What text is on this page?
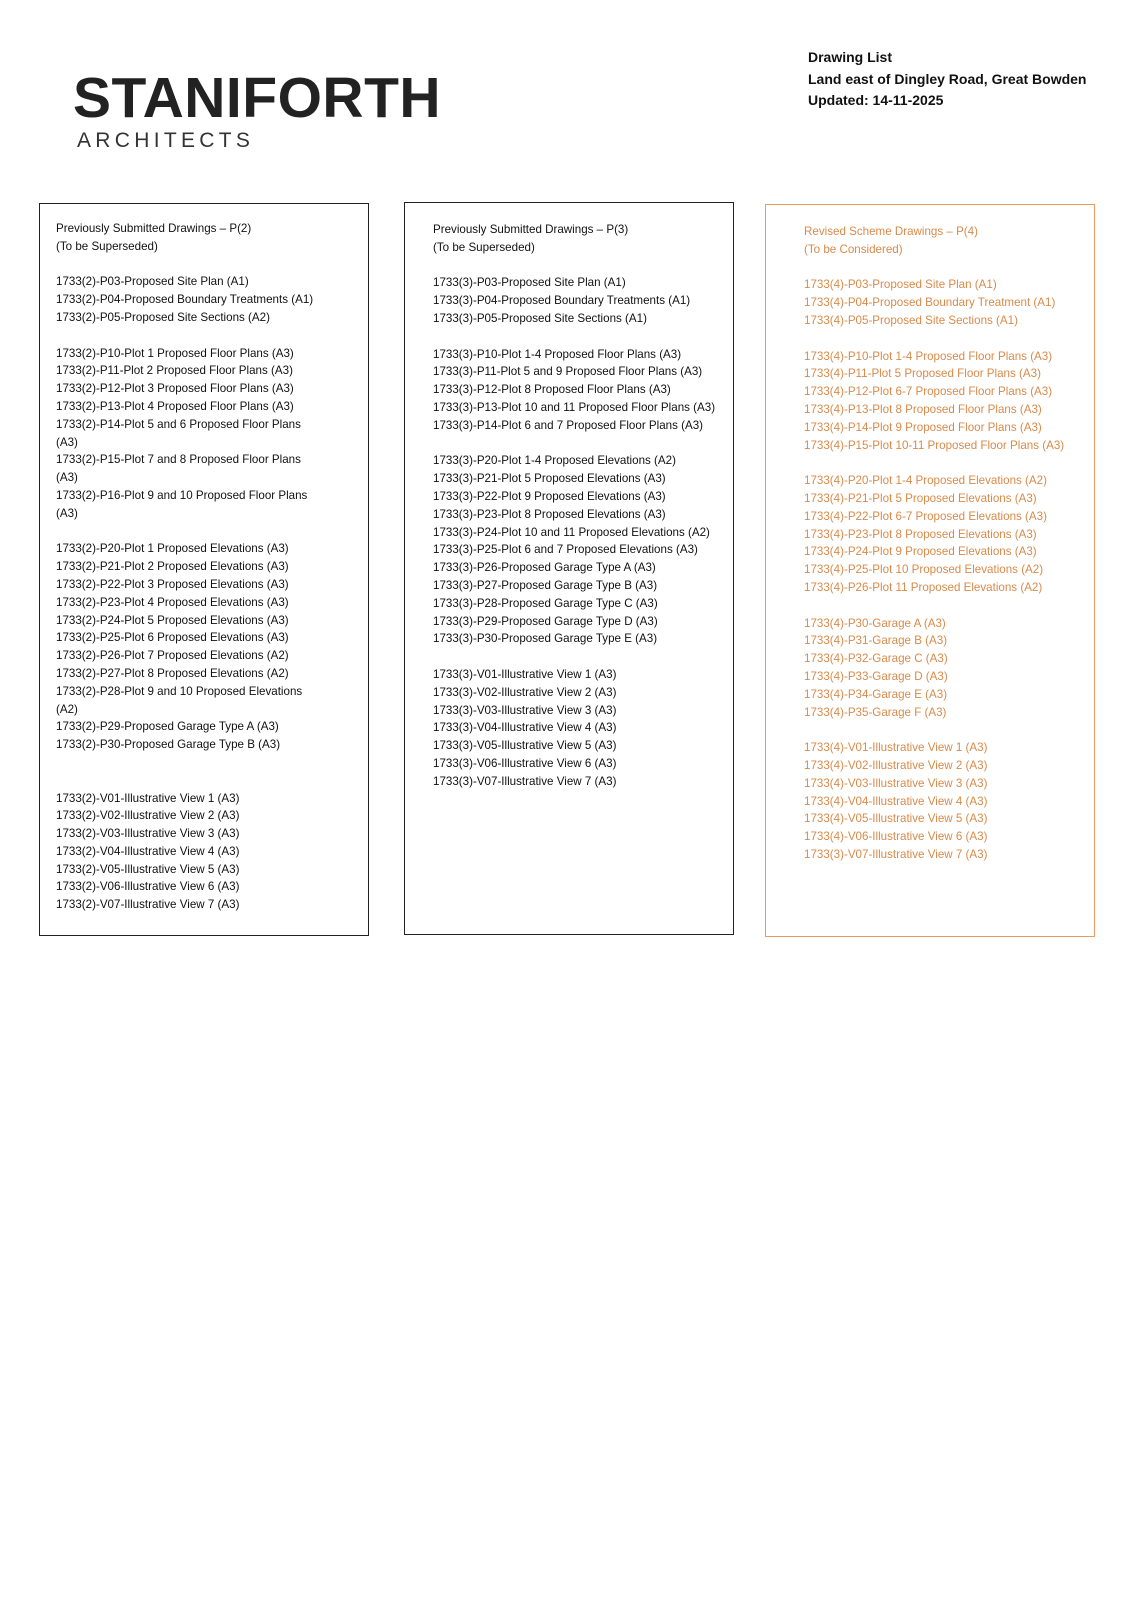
STANIFORTH
ARCHITECTS
Drawing List
Land east of Dingley Road, Great Bowden
Updated: 14-11-2025
Previously Submitted Drawings – P(2)
(To be Superseded)
1733(2)-P03-Proposed Site Plan (A1)
1733(2)-P04-Proposed Boundary Treatments (A1)
1733(2)-P05-Proposed Site Sections (A2)
1733(2)-P10-Plot 1 Proposed Floor Plans (A3)
1733(2)-P11-Plot 2 Proposed Floor Plans (A3)
1733(2)-P12-Plot 3 Proposed Floor Plans (A3)
1733(2)-P13-Plot 4 Proposed Floor Plans (A3)
1733(2)-P14-Plot 5 and 6 Proposed Floor Plans
(A3)
1733(2)-P15-Plot 7 and 8 Proposed Floor Plans
(A3)
1733(2)-P16-Plot 9 and 10 Proposed Floor Plans
(A3)
1733(2)-P20-Plot 1 Proposed Elevations (A3)
1733(2)-P21-Plot 2 Proposed Elevations (A3)
1733(2)-P22-Plot 3 Proposed Elevations (A3)
1733(2)-P23-Plot 4 Proposed Elevations (A3)
1733(2)-P24-Plot 5 Proposed Elevations (A3)
1733(2)-P25-Plot 6 Proposed Elevations (A3)
1733(2)-P26-Plot 7 Proposed Elevations (A2)
1733(2)-P27-Plot 8 Proposed Elevations (A2)
1733(2)-P28-Plot 9 and 10 Proposed Elevations
(A2)
1733(2)-P29-Proposed Garage Type A (A3)
1733(2)-P30-Proposed Garage Type B (A3)
1733(2)-V01-Illustrative View 1 (A3)
1733(2)-V02-Illustrative View 2 (A3)
1733(2)-V03-Illustrative View 3 (A3)
1733(2)-V04-Illustrative View 4 (A3)
1733(2)-V05-Illustrative View 5 (A3)
1733(2)-V06-Illustrative View 6 (A3)
1733(2)-V07-Illustrative View 7 (A3)
Previously Submitted Drawings – P(3)
(To be Superseded)
1733(3)-P03-Proposed Site Plan (A1)
1733(3)-P04-Proposed Boundary Treatments (A1)
1733(3)-P05-Proposed Site Sections (A1)
1733(3)-P10-Plot 1-4 Proposed Floor Plans (A3)
1733(3)-P11-Plot 5 and 9 Proposed Floor Plans (A3)
1733(3)-P12-Plot 8 Proposed Floor Plans (A3)
1733(3)-P13-Plot 10 and 11 Proposed Floor Plans (A3)
1733(3)-P14-Plot 6 and 7 Proposed Floor Plans (A3)
1733(3)-P20-Plot 1-4 Proposed Elevations (A2)
1733(3)-P21-Plot 5 Proposed Elevations (A3)
1733(3)-P22-Plot 9 Proposed Elevations (A3)
1733(3)-P23-Plot 8 Proposed Elevations (A3)
1733(3)-P24-Plot 10 and 11 Proposed Elevations (A2)
1733(3)-P25-Plot 6 and 7 Proposed Elevations (A3)
1733(3)-P26-Proposed Garage Type A (A3)
1733(3)-P27-Proposed Garage Type B (A3)
1733(3)-P28-Proposed Garage Type C (A3)
1733(3)-P29-Proposed Garage Type D (A3)
1733(3)-P30-Proposed Garage Type E (A3)
1733(3)-V01-Illustrative View 1 (A3)
1733(3)-V02-Illustrative View 2 (A3)
1733(3)-V03-Illustrative View 3 (A3)
1733(3)-V04-Illustrative View 4 (A3)
1733(3)-V05-Illustrative View 5 (A3)
1733(3)-V06-Illustrative View 6 (A3)
1733(3)-V07-Illustrative View 7 (A3)
Revised Scheme Drawings – P(4)
(To be Considered)
1733(4)-P03-Proposed Site Plan (A1)
1733(4)-P04-Proposed Boundary Treatment (A1)
1733(4)-P05-Proposed Site Sections (A1)
1733(4)-P10-Plot 1-4 Proposed Floor Plans (A3)
1733(4)-P11-Plot 5 Proposed Floor Plans (A3)
1733(4)-P12-Plot 6-7 Proposed Floor Plans (A3)
1733(4)-P13-Plot 8 Proposed Floor Plans (A3)
1733(4)-P14-Plot 9 Proposed Floor Plans (A3)
1733(4)-P15-Plot 10-11 Proposed Floor Plans (A3)
1733(4)-P20-Plot 1-4 Proposed Elevations (A2)
1733(4)-P21-Plot 5 Proposed Elevations (A3)
1733(4)-P22-Plot 6-7 Proposed Elevations (A3)
1733(4)-P23-Plot 8 Proposed Elevations (A3)
1733(4)-P24-Plot 9 Proposed Elevations (A3)
1733(4)-P25-Plot 10 Proposed Elevations (A2)
1733(4)-P26-Plot 11 Proposed Elevations (A2)
1733(4)-P30-Garage A (A3)
1733(4)-P31-Garage B (A3)
1733(4)-P32-Garage C (A3)
1733(4)-P33-Garage D (A3)
1733(4)-P34-Garage E (A3)
1733(4)-P35-Garage F (A3)
1733(4)-V01-Illustrative View 1 (A3)
1733(4)-V02-Illustrative View 2 (A3)
1733(4)-V03-Illustrative View 3 (A3)
1733(4)-V04-Illustrative View 4 (A3)
1733(4)-V05-Illustrative View 5 (A3)
1733(4)-V06-Illustrative View 6 (A3)
1733(3)-V07-Illustrative View 7 (A3)
